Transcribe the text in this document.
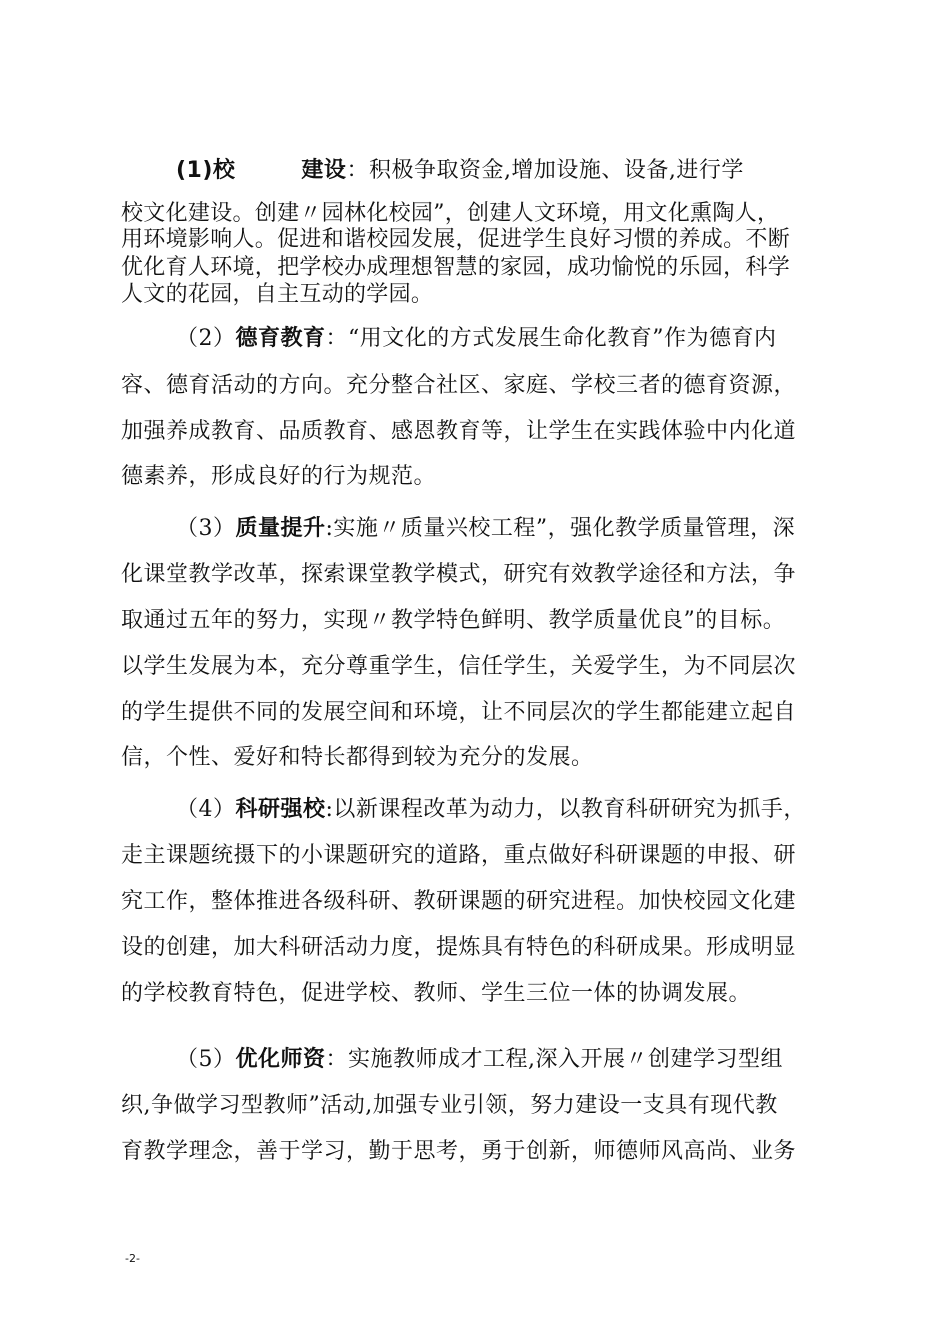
(1)校	建设：积极争取资金,增加设施、设备,进行学
校文化建设。创建〃园林化校园”，创建人文环境，用文化熏陶人，
用环境影响人。促进和谐校园发展，促进学生良好习惯的养成。不断
优化育人环境，把学校办成理想智慧的家园，成功愉悦的乐园，科学
人文的花园，自主互动的学园。
（2）德育教育：“用文化的方式发展生命化教育”作为德育内
容、德育活动的方向。充分整合社区、家庭、学校三者的德育资源，
加强养成教育、品质教育、感恩教育等，让学生在实践体验中内化道
德素养，形成良好的行为规范。
（3）质量提升:实施〃质量兴校工程”，强化教学质量管理，深
化课堂教学改革，探索课堂教学模式，研究有效教学途径和方法，争
取通过五年的努力，实现〃教学特色鲜明、教学质量优良”的目标。
以学生发展为本，充分尊重学生，信任学生，关爱学生，为不同层次
的学生提供不同的发展空间和环境，让不同层次的学生都能建立起自
信，个性、爱好和特长都得到较为充分的发展。
（4）科研强校:以新课程改革为动力，以教育科研研究为抓手，
走主课题统摄下的小课题研究的道路，重点做好科研课题的申报、研
究工作，整体推进各级科研、教研课题的研究进程。加快校园文化建
设的创建，加大科研活动力度，提炼具有特色的科研成果。形成明显
的学校教育特色，促进学校、教师、学生三位一体的协调发展。
（5）优化师资：实施教师成才工程,深入开展〃创建学习型组
织,争做学习型教师”活动,加强专业引领，努力建设一支具有现代教
育教学理念，善于学习，勤于思考，勇于创新，师德师风高尚、业务
-2-
